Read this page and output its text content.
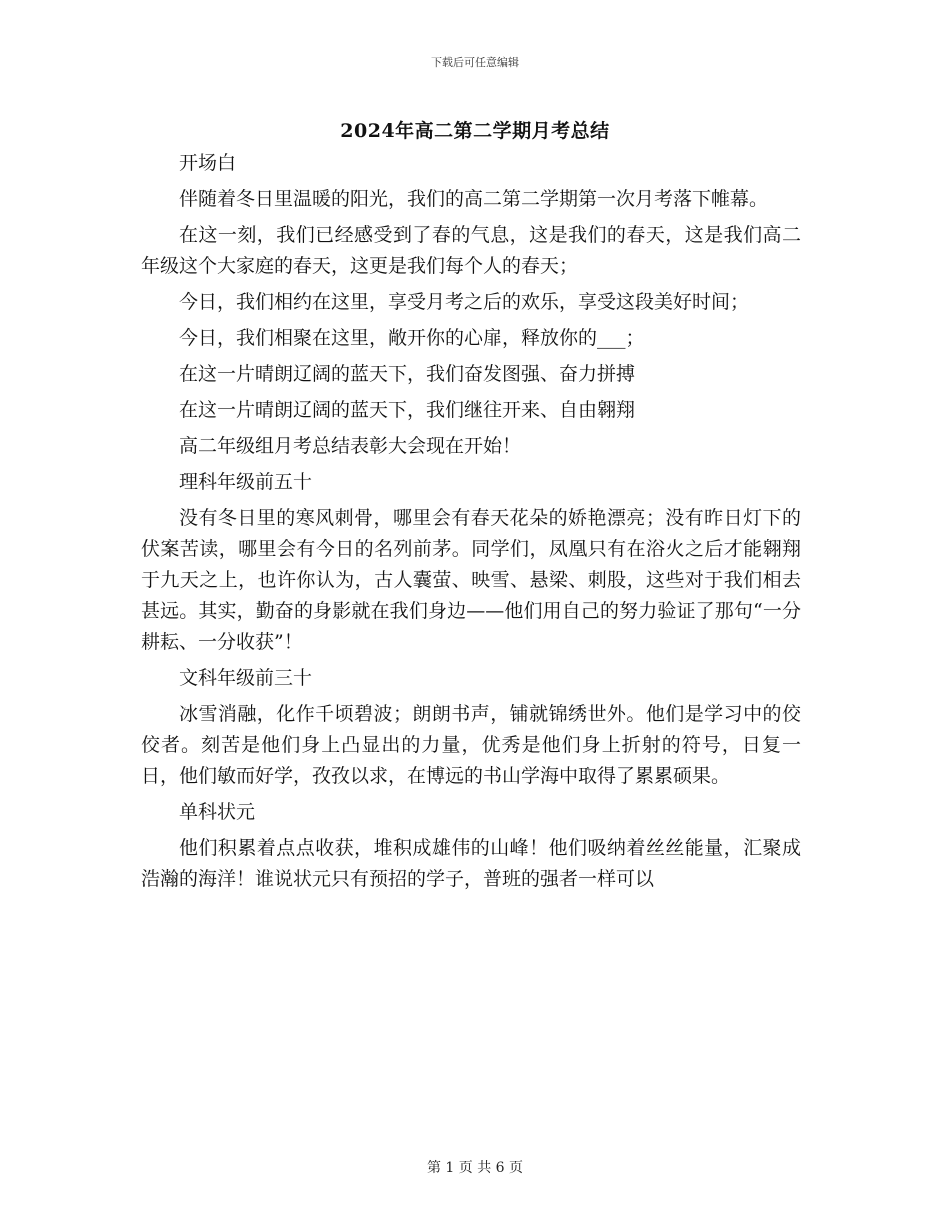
下载后可任意编辑
2024年高二第二学期月考总结

开场白

伴随着冬日里温暖的阳光，我们的高二第二学期第一次月考落下帷幕。

在这一刻，我们已经感受到了春的气息，这是我们的春天，这是我们高二年级这个大家庭的春天，这更是我们每个人的春天；

今日，我们相约在这里，享受月考之后的欢乐，享受这段美好时间；

今日，我们相聚在这里，敞开你的心扉，释放你的___；

在这一片晴朗辽阔的蓝天下，我们奋发图强、奋力拼搏

在这一片晴朗辽阔的蓝天下，我们继往开来、自由翱翔

高二年级组月考总结表彰大会现在开始！

理科年级前五十

没有冬日里的寒风刺骨，哪里会有春天花朵的娇艳漂亮；没有昨日灯下的伏案苦读，哪里会有今日的名列前茅。同学们，凤凰只有在浴火之后才能翱翔于九天之上，也许你认为，古人囊萤、映雪、悬梁、刺股，这些对于我们相去甚远。其实，勤奋的身影就在我们身边——他们用自己的努力验证了那句“一分耕耘、一分收获”！

文科年级前三十

冰雪消融，化作千顷碧波；朗朗书声，铺就锦绣世外。他们是学习中的佼佼者。刻苦是他们身上凸显出的力量，优秀是他们身上折射的符号，日复一日，他们敏而好学，孜孜以求，在博远的书山学海中取得了累累硕果。

单科状元

他们积累着点点收获，堆积成雄伟的山峰！他们吸纳着丝丝能量，汇聚成浩瀚的海洋！谁说状元只有预招的学子，普班的强者一样可以

第 1 页 共 6 页
